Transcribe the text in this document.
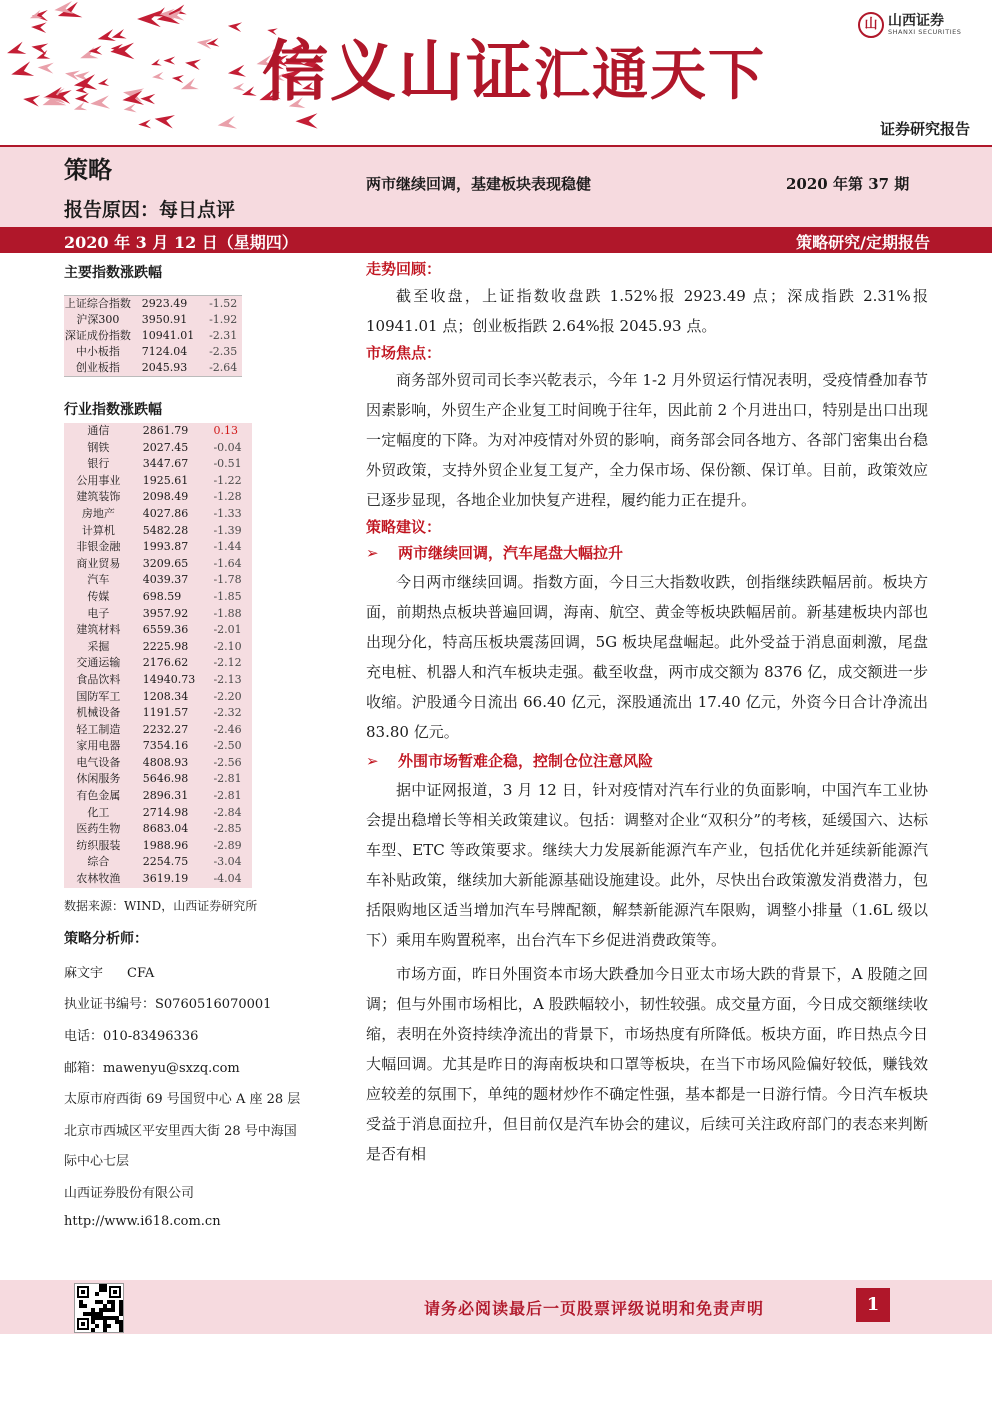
信义山证汇通天下
山 山西证券
SHANXI SECURITIES
证券研究报告
策略
报告原因：每日点评
两市继续回调，基建板块表现稳健	2020 年第 37 期
2020 年 3 月 12 日（星期四）	策略研究/定期报告
主要指数涨跌幅
上证综合指数	2923.49	-1.52
沪深300	3950.91	-1.92
深证成份指数	10941.01	-2.31
中小板指	7124.04	-2.35
创业板指	2045.93	-2.64
行业指数涨跌幅
通信	2861.79	0.13
钢铁	2027.45	-0.04
银行	3447.67	-0.51
公用事业	1925.61	-1.22
建筑装饰	2098.49	-1.28
房地产	4027.86	-1.33
计算机	5482.28	-1.39
非银金融	1993.87	-1.44
商业贸易	3209.65	-1.64
汽车	4039.37	-1.78
传媒	698.59	-1.85
电子	3957.92	-1.88
建筑材料	6559.36	-2.01
采掘	2225.98	-2.10
交通运输	2176.62	-2.12
食品饮料	14940.73	-2.13
国防军工	1208.34	-2.20
机械设备	1191.57	-2.32
轻工制造	2232.27	-2.46
家用电器	7354.16	-2.50
电气设备	4808.93	-2.56
休闲服务	5646.98	-2.81
有色金属	2896.31	-2.81
化工	2714.98	-2.84
医药生物	8683.04	-2.85
纺织服装	1988.96	-2.89
综合	2254.75	-3.04
农林牧渔	3619.19	-4.04
数据来源：WIND，山西证券研究所
策略分析师：
麻文宇 CFA
执业证书编号：S0760516070001
电话：010-83496336
邮箱：mawenyu@sxzq.com
太原市府西街 69 号国贸中心 A 座 28 层
北京市西城区平安里西大街 28 号中海国
际中心七层
山西证券股份有限公司
http://www.i618.com.cn

走势回顾：

截至收盘，上证指数收盘跌 1.52%报 2923.49 点；深成指跌 2.31%报 10941.01 点；创业板指跌 2.64%报 2045.93 点。

市场焦点：

商务部外贸司司长李兴乾表示，今年 1-2 月外贸运行情况表明，受疫情叠加春节因素影响，外贸生产企业复工时间晚于往年，因此前 2 个月进出口，特别是出口出现一定幅度的下降。为对冲疫情对外贸的影响，商务部会同各地方、各部门密集出台稳外贸政策，支持外贸企业复工复产，全力保市场、保份额、保订单。目前，政策效应已逐步显现，各地企业加快复产进程，履约能力正在提升。

策略建议：

➢ 两市继续回调，汽车尾盘大幅拉升

今日两市继续回调。指数方面，今日三大指数收跌，创指继续跌幅居前。板块方面，前期热点板块普遍回调，海南、航空、黄金等板块跌幅居前。新基建板块内部也出现分化，特高压板块震荡回调，5G 板块尾盘崛起。此外受益于消息面刺激，尾盘充电桩、机器人和汽车板块走强。截至收盘，两市成交额为 8376 亿，成交额进一步收缩。沪股通今日流出 66.40 亿元，深股通流出 17.40 亿元，外资今日合计净流出 83.80 亿元。

➢ 外围市场暂难企稳，控制仓位注意风险

据中证网报道，3 月 12 日，针对疫情对汽车行业的负面影响，中国汽车工业协会提出稳增长等相关政策建议。包括：调整对企业“双积分”的考核，延缓国六、达标车型、ETC 等政策要求。继续大力发展新能源汽车产业，包括优化并延续新能源汽车补贴政策，继续加大新能源基础设施建设。此外，尽快出台政策激发消费潜力，包括限购地区适当增加汽车号牌配额，解禁新能源汽车限购，调整小排量（1.6L 级以下）乘用车购置税率，出台汽车下乡促进消费政策等。

市场方面，昨日外围资本市场大跌叠加今日亚太市场大跌的背景下，A 股随之回调；但与外围市场相比，A 股跌幅较小，韧性较强。成交量方面，今日成交额继续收缩，表明在外资持续净流出的背景下，市场热度有所降低。板块方面，昨日热点今日大幅回调。尤其是昨日的海南板块和口罩等板块，在当下市场风险偏好较低，赚钱效应较差的氛围下，单纯的题材炒作不确定性强，基本都是一日游行情。今日汽车板块受益于消息面拉升，但目前仅是汽车协会的建议，后续可关注政府部门的表态来判断是否有相

请务必阅读最后一页股票评级说明和免责声明	1
